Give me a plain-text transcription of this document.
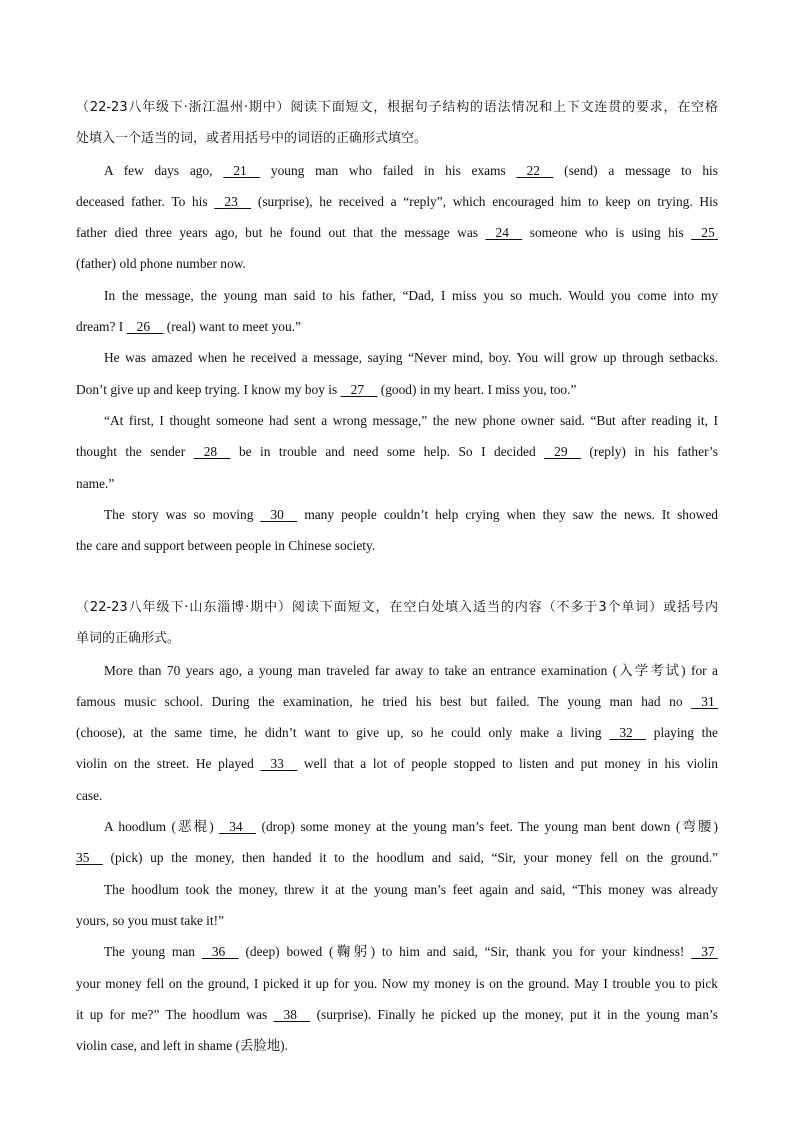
（22-23八年级下·浙江温州·期中）阅读下面短文，根据句子结构的语法情况和上下文连贯的要求，在空格
处填入一个适当的词，或者用括号中的词语的正确形式填空。
A few days ago, 21 young man who failed in his exams 22 (send) a message to his
deceased father. To his 23 (surprise), he received a “reply”, which encouraged him to keep on trying. His
father died three years ago, but he found out that the message was 24 someone who is using his 25
(father) old phone number now.
In the message, the young man said to his father, “Dad, I miss you so much. Would you come into my
dream? I 26 (real) want to meet you.”
He was amazed when he received a message, saying “Never mind, boy. You will grow up through setbacks.
Don’t give up and keep trying. I know my boy is 27 (good) in my heart. I miss you, too.”
“At first, I thought someone had sent a wrong message,” the new phone owner said. “But after reading it, I
thought the sender 28 be in trouble and need some help. So I decided 29 (reply) in his father’s
name.”
The story was so moving 30 many people couldn’t help crying when they saw the news. It showed
the care and support between people in Chinese society.
（22-23八年级下·山东淄博·期中）阅读下面短文，在空白处填入适当的内容（不多于3个单词）或括号内
单词的正确形式。
More than 70 years ago, a young man traveled far away to take an entrance examination (入学考试) for a
famous music school. During the examination, he tried his best but failed. The young man had no 31
(choose), at the same time, he didn’t want to give up, so he could only make a living 32 playing the
violin on the street. He played 33 well that a lot of people stopped to listen and put money in his violin
case.
A hoodlum (恶棍) 34 (drop) some money at the young man’s feet. The young man bent down (弯腰)
35 (pick) up the money, then handed it to the hoodlum and said, “Sir, your money fell on the ground.”
The hoodlum took the money, threw it at the young man’s feet again and said, “This money was already
yours, so you must take it!”
The young man 36 (deep) bowed (鞠躬) to him and said, “Sir, thank you for your kindness! 37
your money fell on the ground, I picked it up for you. Now my money is on the ground. May I trouble you to pick
it up for me?” The hoodlum was 38 (surprise). Finally he picked up the money, put it in the young man’s
violin case, and left in shame (丢脸地).
